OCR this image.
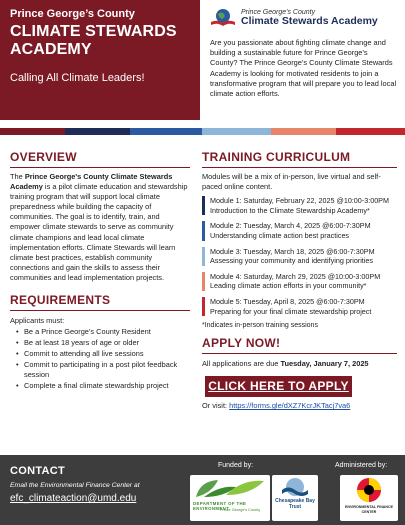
Prince George’s County
CLIMATE STEWARDS
ACADEMY
Calling All Climate Leaders!
Prince George's County
Climate Stewards Academy
Are you passionate about fighting climate change and building a sustainable future for Prince George’s County? The Prince George’s County Climate Stewards Academy is looking for motivated residents to join a transformative program that will prepare you to lead local climate action efforts.
OVERVIEW
The Prince George's County Climate Stewards Academy is a pilot climate education and stewardship training program that will support local climate preparedness while building the capacity of communities. The goal is to identify, train, and empower climate stewards to serve as community climate champions and lead local climate implementation efforts. Climate Stewards will learn climate best practices, establish community connections and gain the skills to assess their communities and lead implementation projects.
REQUIREMENTS
Applicants must:
• Be a Prince George’s County Resident
• Be at least 18 years of age or older
• Commit to attending all live sessions
• Commit to participating in a post pilot feedback session
• Complete a final climate stewardship project
TRAINING CURRICULUM
Modules will be a mix of in-person, live virtual and self-paced online content.
Module 1: Saturday, February 22, 2025 @10:00-3:00PM
Introduction to the Climate Stewardship Academy*
Module 2: Tuesday, March 4, 2025 @6:00-7:30PM
Understanding climate action best practices
Module 3: Tuesday, March 18, 2025 @6:00-7:30PM
Assessing your community and identifying priorities
Module 4: Saturday, March 29, 2025 @10:00-3:00PM
Leading climate action efforts in your community*
Module 5: Tuesday, April 8, 2025 @6:00-7:30PM
Preparing for your final climate stewardship project
*Indicates in-person training sessions
APPLY NOW!
All applications are due Tuesday, January 7, 2025
CLICK HERE TO APPLY
Or visit: https://forms.gle/dXZ7KcrJKTacj7va6
CONTACT
Email the Environmental Finance Center at
efc_climateaction@umd.edu
Funded by:	Administered by:
DEPARTMENT OF THE ENVIRONMENT
Prince George's County
Chesapeake Bay Trust	ENVIRONMENTAL FINANCE CENTER
